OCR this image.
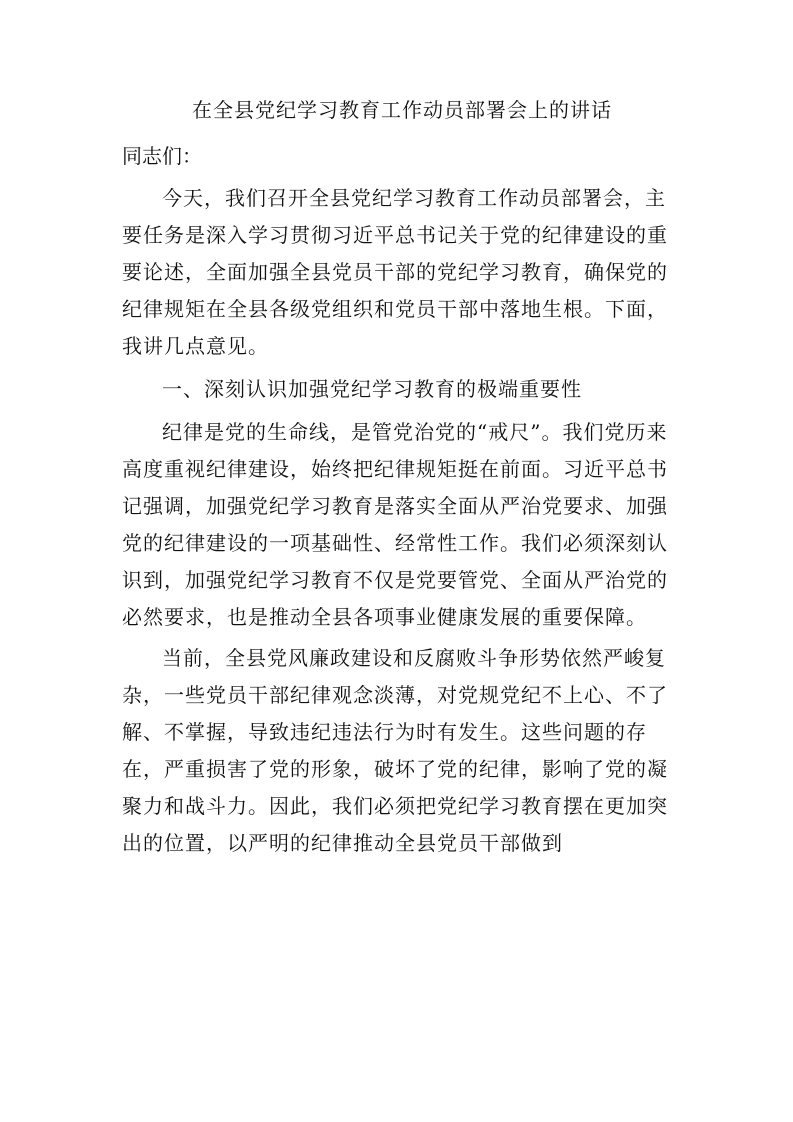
在全县党纪学习教育工作动员部署会上的讲话
同志们：

今天，我们召开全县党纪学习教育工作动员部署会，主要任务是深入学习贯彻习近平总书记关于党的纪律建设的重要论述，全面加强全县党员干部的党纪学习教育，确保党的纪律规矩在全县各级党组织和党员干部中落地生根。下面，我讲几点意见。

一、深刻认识加强党纪学习教育的极端重要性

纪律是党的生命线，是管党治党的“戒尺”。我们党历来高度重视纪律建设，始终把纪律规矩挺在前面。习近平总书记强调，加强党纪学习教育是落实全面从严治党要求、加强党的纪律建设的一项基础性、经常性工作。我们必须深刻认识到，加强党纪学习教育不仅是党要管党、全面从严治党的必然要求，也是推动全县各项事业健康发展的重要保障。

当前，全县党风廉政建设和反腐败斗争形势依然严峻复杂，一些党员干部纪律观念淡薄，对党规党纪不上心、不了解、不掌握，导致违纪违法行为时有发生。这些问题的存在，严重损害了党的形象，破坏了党的纪律，影响了党的凝聚力和战斗力。因此，我们必须把党纪学习教育摆在更加突出的位置，以严明的纪律推动全县党员干部做到
